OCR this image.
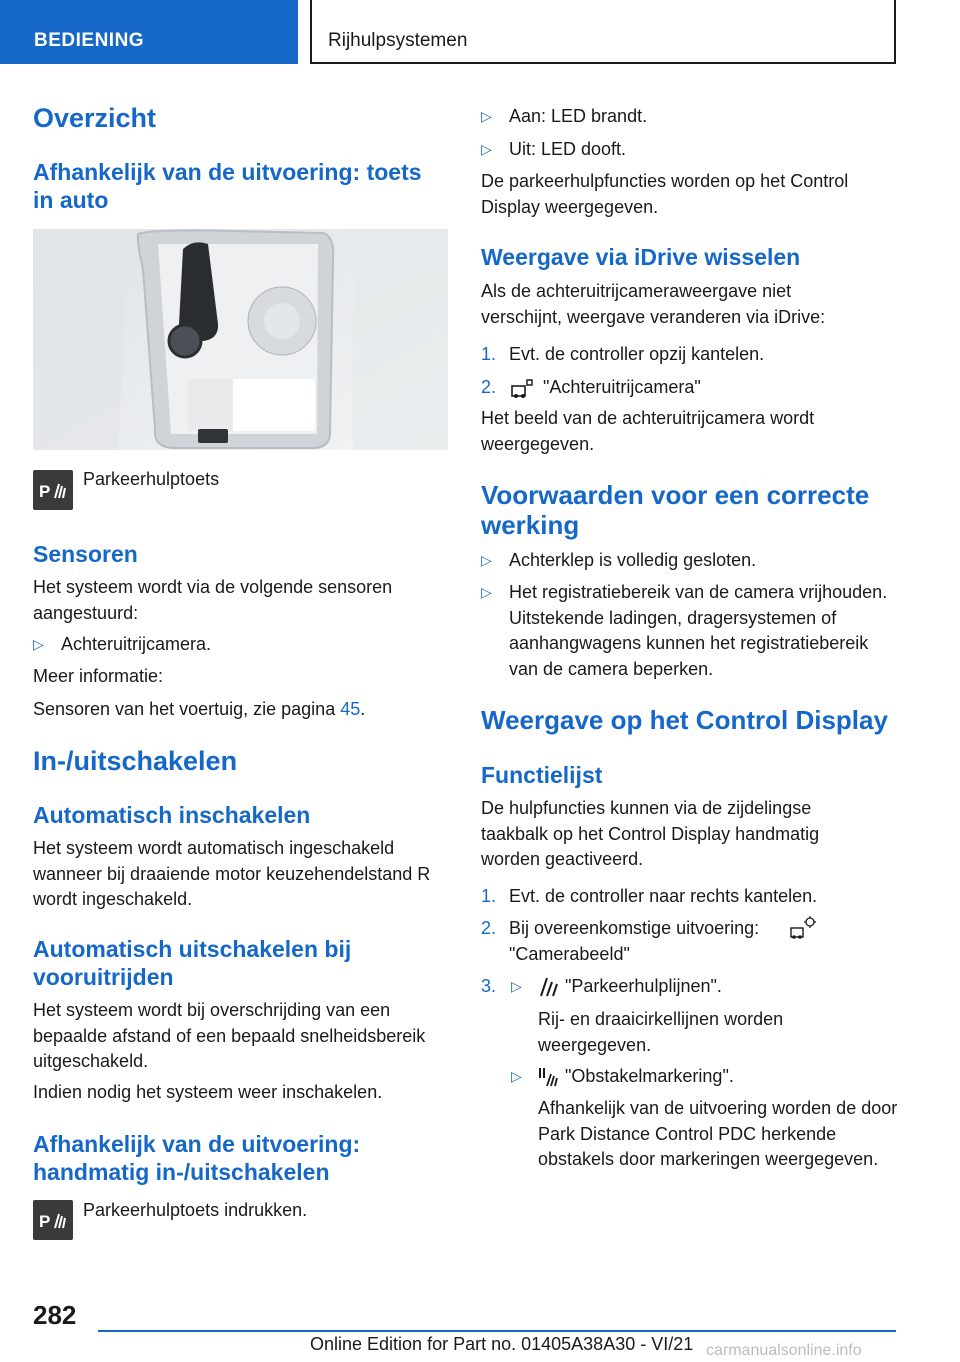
BEDIENING	Rijhulpsystemen
Overzicht
Afhankelijk van de uitvoering: toets in auto
P
Parkeerhulptoets
Sensoren
Het systeem wordt via de volgende sensoren aangestuurd:
▷ Achteruitrijcamera.
Meer informatie:
Sensoren van het voertuig, zie pagina 45.
In-/uitschakelen
Automatisch inschakelen
Het systeem wordt automatisch ingeschakeld wanneer bij draaiende motor keuzehendelstand R wordt ingeschakeld.
Automatisch uitschakelen bij vooruitrijden
Het systeem wordt bij overschrijding van een bepaalde afstand of een bepaald snelheidsbereik uitgeschakeld.
Indien nodig het systeem weer inschakelen.
Afhankelijk van de uitvoering: handmatig in-/uitschakelen
P
Parkeerhulptoets indrukken.
▷ Aan: LED brandt.
▷ Uit: LED dooft.
De parkeerhulpfuncties worden op het Control Display weergegeven.
Weergave via iDrive wisselen
Als de achteruitrijcameraweergave niet verschijnt, weergave veranderen via iDrive:
1. Evt. de controller opzij kantelen.
2.	"Achteruitrijcamera"
Het beeld van de achteruitrijcamera wordt weergegeven.
Voorwaarden voor een correcte werking
▷ Achterklep is volledig gesloten.
▷ Het registratiebereik van de camera vrijhouden. Uitstekende ladingen, dragersystemen of aanhangwagens kunnen het registratiebereik van de camera beperken.
Weergave op het Control Display
Functielijst
De hulpfuncties kunnen via de zijdelingse taakbalk op het Control Display handmatig worden geactiveerd.
1. Evt. de controller naar rechts kantelen.
2. Bij overeenkomstige uitvoering:
"Camerabeeld"
3. ▷ "Parkeerhulplijnen".
Rij- en draaicirkellijnen worden weergegeven.
▷ "Obstakelmarkering".
Afhankelijk van de uitvoering worden de door Park Distance Control PDC herkende obstakels door markeringen weergegeven.
282
Online Edition for Part no. 01405A38A30 - VI/21 carmanualsonline.info
